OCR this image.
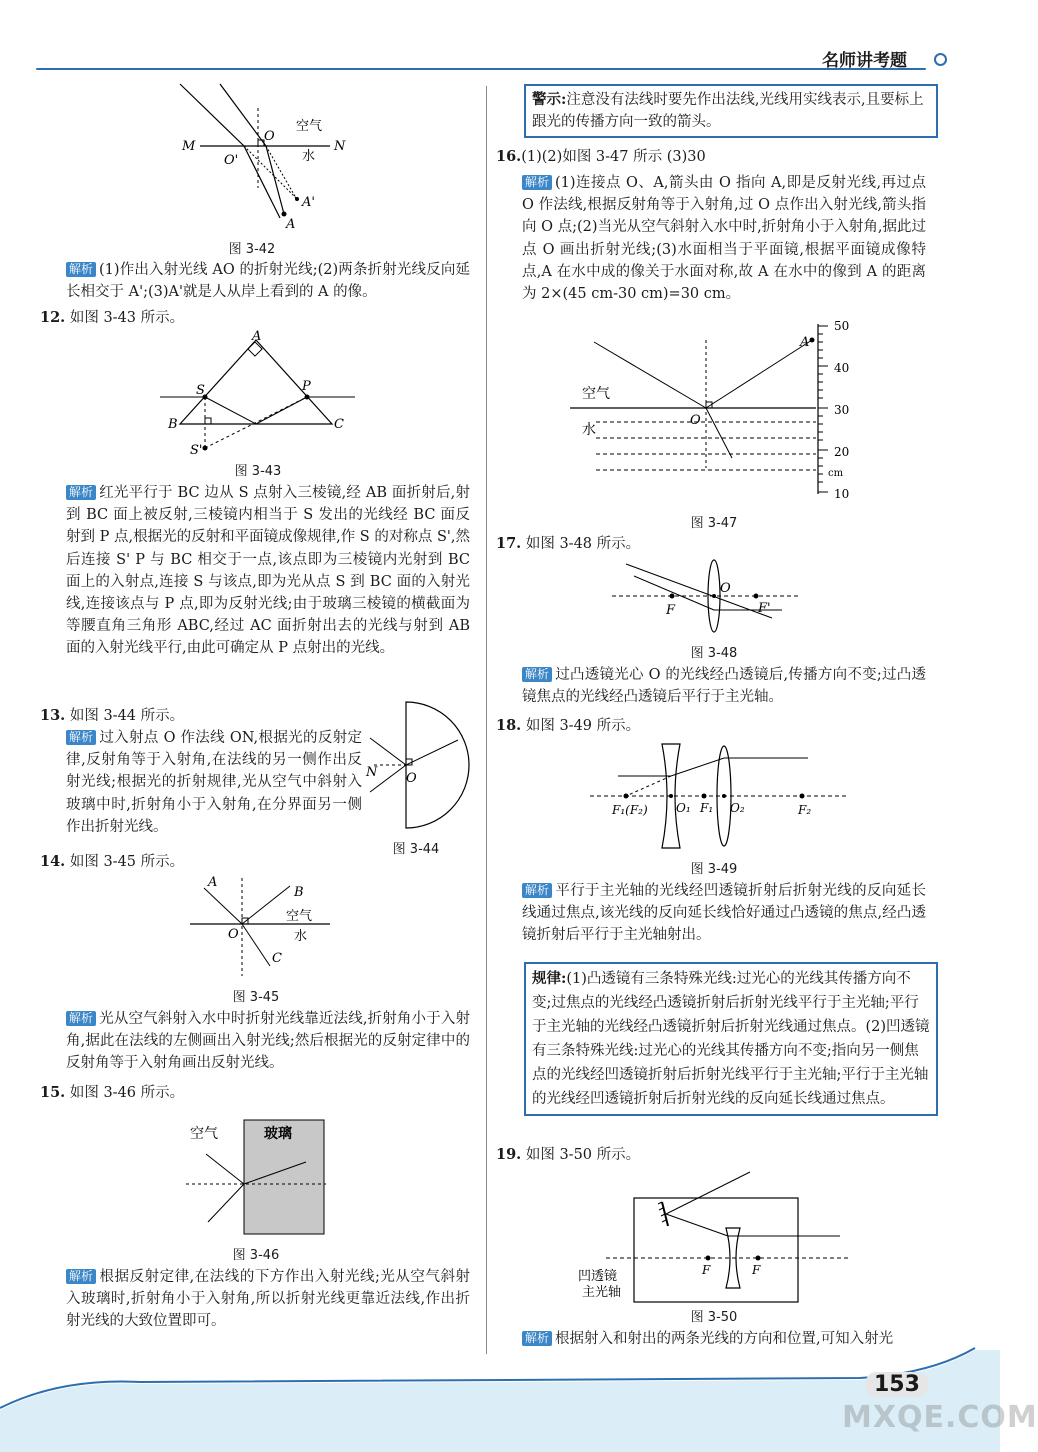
名师讲考题
M	N
O
O'
空气
水
A'
A
图 3-42
解析 (1)作出入射光线 AO 的折射光线;(2)两条折射光线反向延长相交于 A';(3)A'就是人从岸上看到的 A 的像。
12. 如图 3-43 所示。
A
B	C
S	P
S'
图 3-43
解析 红光平行于 BC 边从 S 点射入三棱镜,经 AB 面折射后,射到 BC 面上被反射,三棱镜内相当于 S 发出的光线经 BC 面反射到 P 点,根据光的反射和平面镜成像规律,作 S 的对称点 S',然后连接 S' P 与 BC 相交于一点,该点即为三棱镜内光射到 BC 面上的入射点,连接 S 与该点,即为光从点 S 到 BC 面的入射光线,连接该点与 P 点,即为反射光线;由于玻璃三棱镜的横截面为等腰直角三角形 ABC,经过 AC 面折射出去的光线与射到 AB 面的入射光线平行,由此可确定从 P 点射出的光线。
13. 如图 3-44 所示。
解析 过入射点 O 作法线 ON,根据光的反射定律,反射角等于入射角,在法线的另一侧作出反射光线;根据光的折射规律,光从空气中斜射入玻璃中时,折射角小于入射角,在分界面另一侧作出折射光线。
N O
图 3-44
14. 如图 3-45 所示。
A
B
C
O
空气
水
图 3-45
解析 光从空气斜射入水中时折射光线靠近法线,折射角小于入射角,据此在法线的左侧画出入射光线;然后根据光的反射定律中的反射角等于入射角画出反射光线。
15. 如图 3-46 所示。
空气	玻璃
图 3-46
解析 根据反射定律,在法线的下方作出入射光线;光从空气斜射入玻璃时,折射角小于入射角,所以折射光线更靠近法线,作出折射光线的大致位置即可。
警示:注意没有法线时要先作出法线,光线用实线表示,且要标上跟光的传播方向一致的箭头。
16.(1)(2)如图 3-47 所示 (3)30
解析 (1)连接点 O、A,箭头由 O 指向 A,即是反射光线,再过点 O 作法线,根据反射角等于入射角,过 O 点作出入射光线,箭头指向 O 点;(2)当光从空气斜射入水中时,折射角小于入射角,据此过点 O 画出折射光线;(3)水面相当于平面镜,根据平面镜成像特点,A 在水中成的像关于水面对称,故 A 在水中的像到 A 的距离为 2×(45 cm-30 cm)=30 cm。
50
40
30
20
cm
10
空气
水
O
A
图 3-47
17. 如图 3-48 所示。
O
F	F'
图 3-48
解析 过凸透镜光心 O 的光线经凸透镜后,传播方向不变;过凸透镜焦点的光线经凸透镜后平行于主光轴。
18. 如图 3-49 所示。
F₁(F₂) O₁ F₁ O₂	F₂
图 3-49
解析 平行于主光轴的光线经凹透镜折射后折射光线的反向延长线通过焦点,该光线的反向延长线恰好通过凸透镜的焦点,经凸透镜折射后平行于主光轴射出。
规律:(1)凸透镜有三条特殊光线:过光心的光线其传播方向不变;过焦点的光线经凸透镜折射后折射光线平行于主光轴;平行于主光轴的光线经凸透镜折射后折射光线通过焦点。(2)凹透镜有三条特殊光线:过光心的光线其传播方向不变;指向另一侧焦点的光线经凹透镜折射后折射光线平行于主光轴;平行于主光轴的光线经凹透镜折射后折射光线的反向延长线通过焦点。
19. 如图 3-50 所示。
F	F
凹透镜
主光轴
图 3-50
解析 根据射入和射出的两条光线的方向和位置,可知入射光
153
MXQE.COM
